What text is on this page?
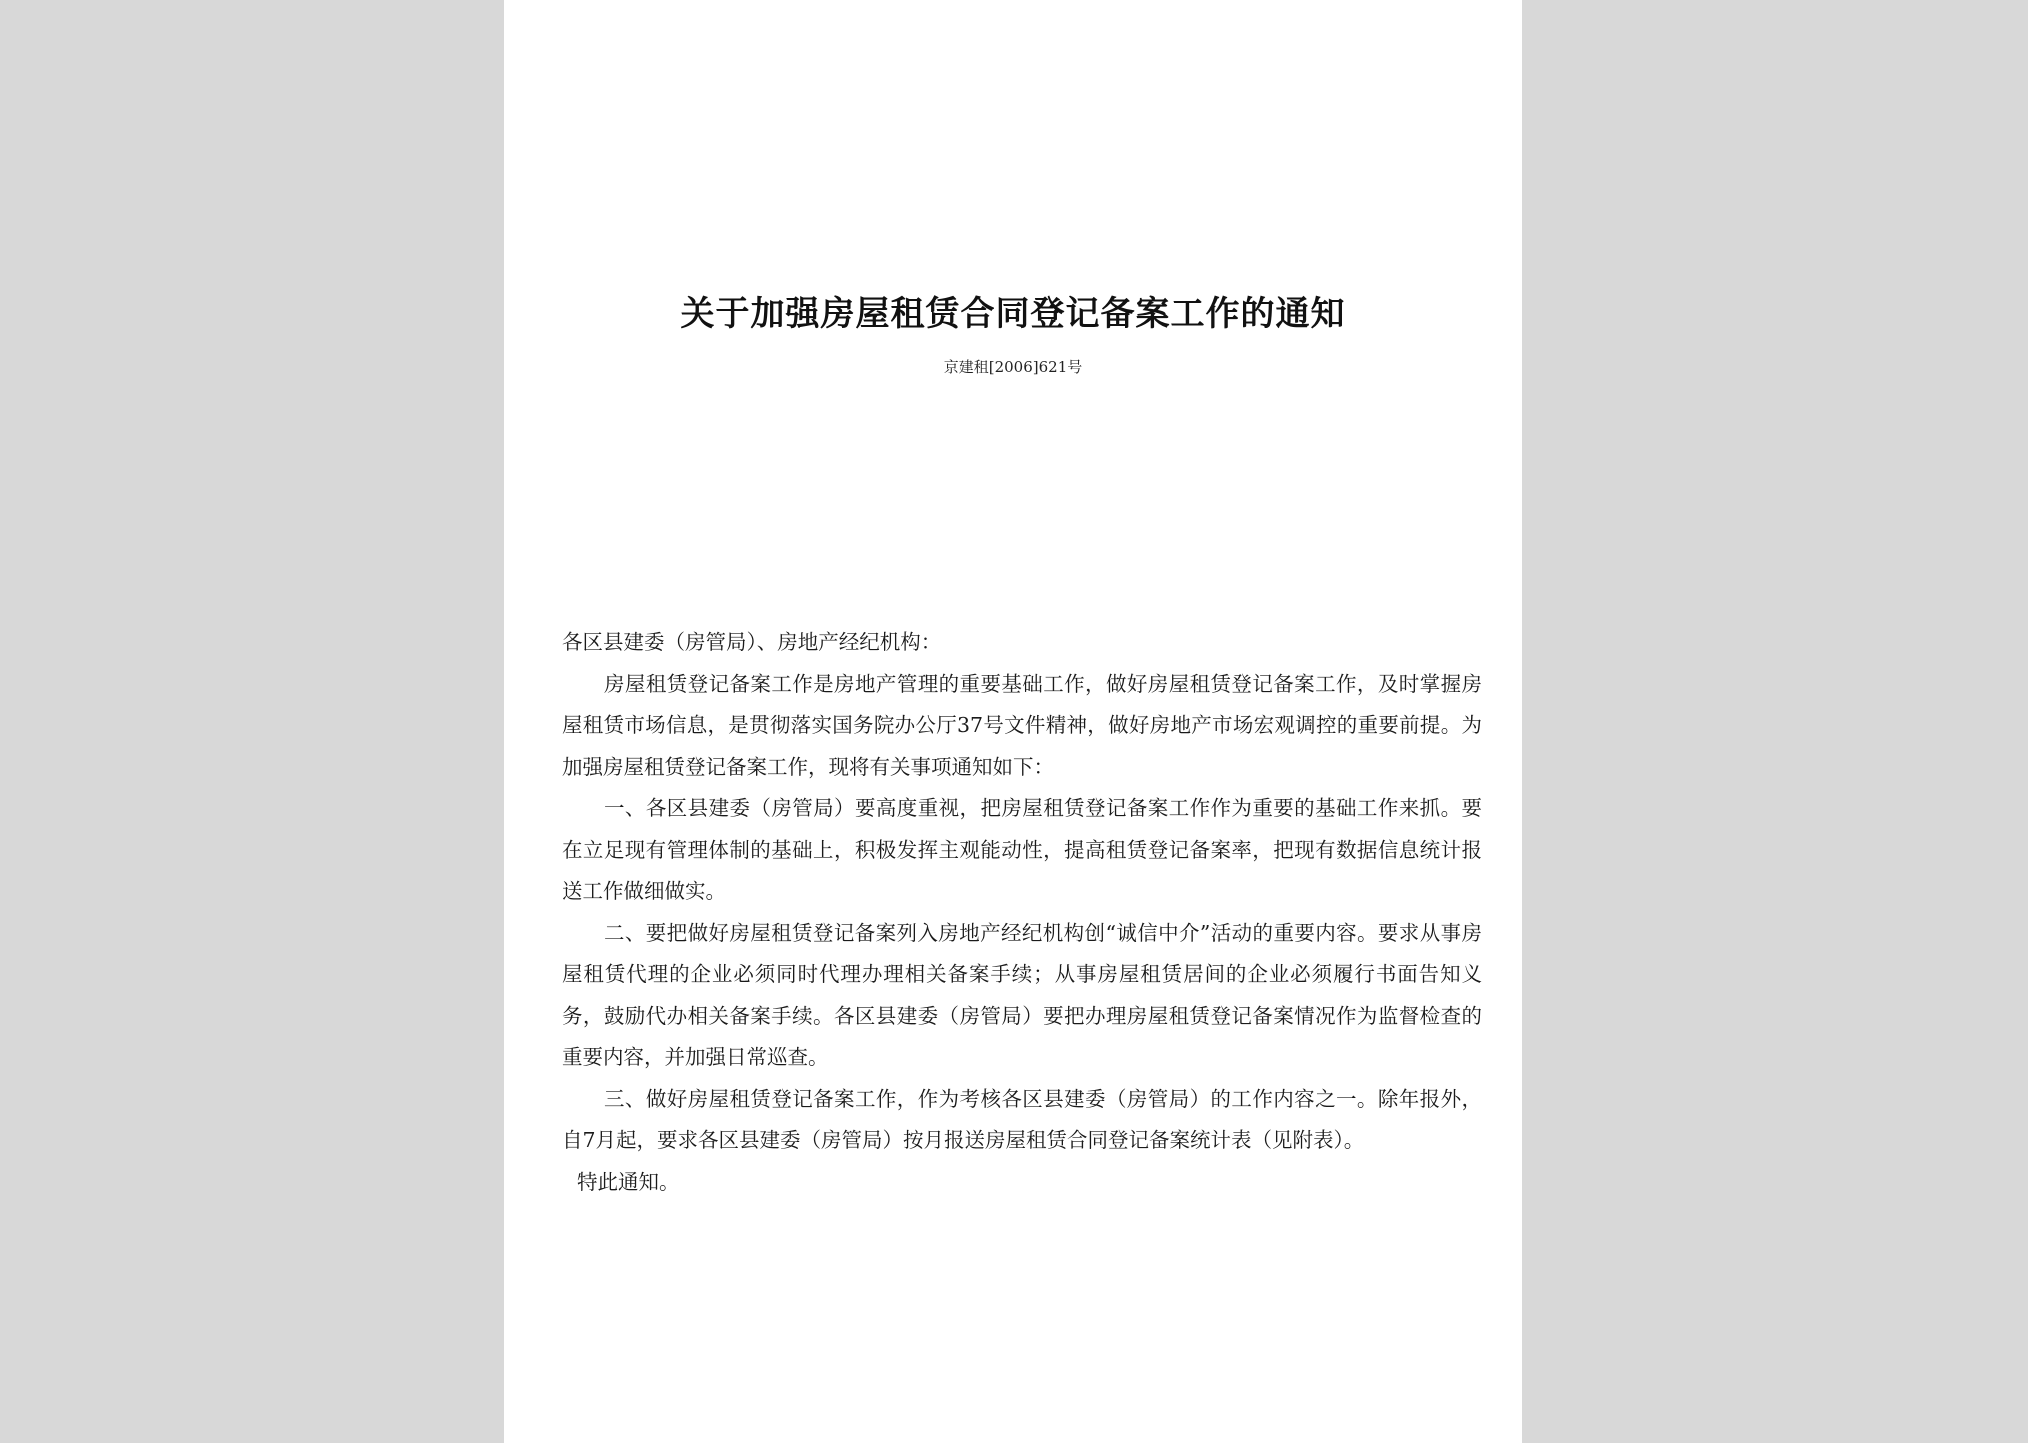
关于加强房屋租赁合同登记备案工作的通知
京建租[2006]621号

各区县建委（房管局）、房地产经纪机构：

房屋租赁登记备案工作是房地产管理的重要基础工作，做好房屋租赁登记备案工作，及时掌握房屋租赁市场信息，是贯彻落实国务院办公厅37号文件精神，做好房地产市场宏观调控的重要前提。为加强房屋租赁登记备案工作，现将有关事项通知如下：

一、各区县建委（房管局）要高度重视，把房屋租赁登记备案工作作为重要的基础工作来抓。要在立足现有管理体制的基础上，积极发挥主观能动性，提高租赁登记备案率，把现有数据信息统计报送工作做细做实。

二、要把做好房屋租赁登记备案列入房地产经纪机构创“诚信中介”活动的重要内容。要求从事房屋租赁代理的企业必须同时代理办理相关备案手续；从事房屋租赁居间的企业必须履行书面告知义务，鼓励代办相关备案手续。各区县建委（房管局）要把办理房屋租赁登记备案情况作为监督检查的重要内容，并加强日常巡查。

三、做好房屋租赁登记备案工作，作为考核各区县建委（房管局）的工作内容之一。除年报外，自7月起，要求各区县建委（房管局）按月报送房屋租赁合同登记备案统计表（见附表）。

特此通知。
